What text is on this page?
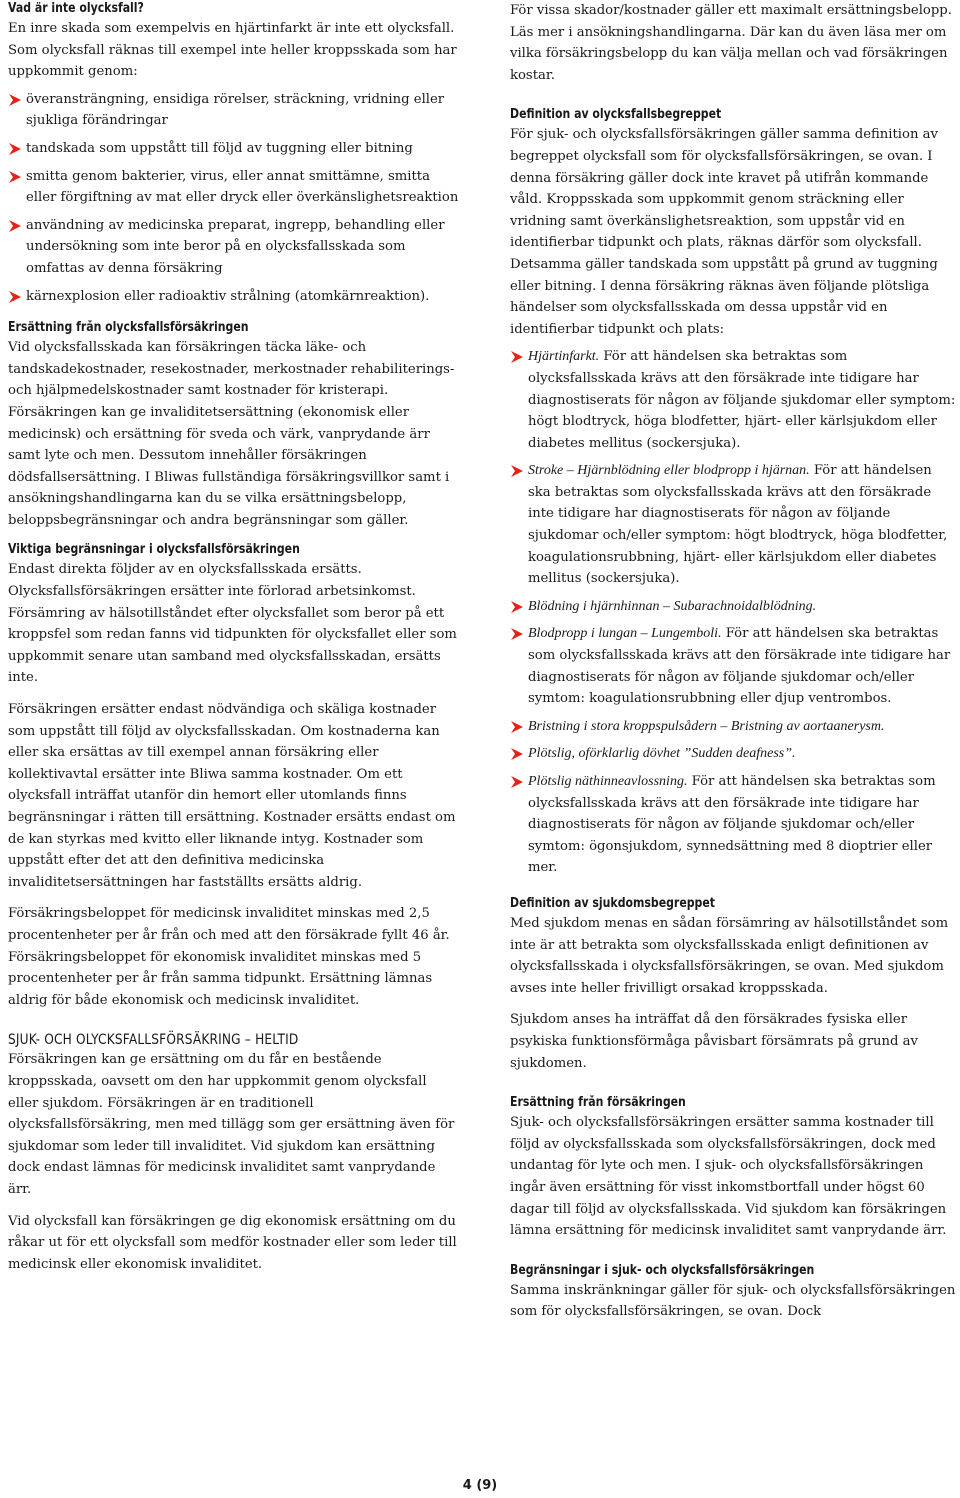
Vad är inte olycksfall?

En inre skada som exempelvis en hjärtinfarkt är inte ett olycksfall. Som olycksfall räknas till exempel inte heller kroppsskada som har uppkommit genom:

överansträngning, ensidiga rörelser, sträckning, vridning eller sjukliga förändringar
tandskada som uppstått till följd av tuggning eller bitning
smitta genom bakterier, virus, eller annat smittämne, smitta eller förgiftning av mat eller dryck eller överkänslighetsreaktion
användning av medicinska preparat, ingrepp, behandling eller undersökning som inte beror på en olycksfallsskada som omfattas av denna försäkring
kärnexplosion eller radioaktiv strålning (atomkärnreaktion).
Ersättning från olycksfallsförsäkringen

Vid olycksfallsskada kan försäkringen täcka läke- och tandskadekostnader, resekostnader, merkostnader rehabiliterings- och hjälpmedelskostnader samt kostnader för kristerapi. Försäkringen kan ge invaliditetsersättning (ekonomisk eller medicinsk) och ersättning för sveda och värk, vanprydande ärr samt lyte och men. Dessutom innehåller försäkringen dödsfallsersättning. I Bliwas fullständiga försäkringsvillkor samt i ansökningshandlingarna kan du se vilka ersättningsbelopp, beloppsbegränsningar och andra begränsningar som gäller.

Viktiga begränsningar i olycksfallsförsäkringen

Endast direkta följder av en olycksfallsskada ersätts. Olycksfallsförsäkringen ersätter inte förlorad arbetsinkomst. Försämring av hälsotillståndet efter olycksfallet som beror på ett kroppsfel som redan fanns vid tidpunkten för olycksfallet eller som uppkommit senare utan samband med olycksfallsskadan, ersätts inte.

Försäkringen ersätter endast nödvändiga och skäliga kostnader som uppstått till följd av olycksfallsskadan. Om kostnaderna kan eller ska ersättas av till exempel annan försäkring eller kollektivavtal ersätter inte Bliwa samma kostnader. Om ett olycksfall inträffat utanför din hemort eller utomlands finns begränsningar i rätten till ersättning. Kostnader ersätts endast om de kan styrkas med kvitto eller liknande intyg. Kostnader som uppstått efter det att den definitiva medicinska invaliditetsersättningen har fastställts ersätts aldrig.

Försäkringsbeloppet för medicinsk invaliditet minskas med 2,5 procentenheter per år från och med att den försäkrade fyllt 46 år. Försäkringsbeloppet för ekonomisk invaliditet minskas med 5 procentenheter per år från samma tidpunkt. Ersättning lämnas aldrig för både ekonomisk och medicinsk invaliditet.

SJUK- OCH OLYCKSFALLSFÖRSÄKRING – HELTID

Försäkringen kan ge ersättning om du får en bestående kroppsskada, oavsett om den har uppkommit genom olycksfall eller sjukdom. Försäkringen är en traditionell olycksfallsförsäkring, men med tillägg som ger ersättning även för sjukdomar som leder till invaliditet. Vid sjukdom kan ersättning dock endast lämnas för medicinsk invaliditet samt vanprydande ärr.

Vid olycksfall kan försäkringen ge dig ekonomisk ersättning om du råkar ut för ett olycksfall som medför kostnader eller som leder till medicinsk eller ekonomisk invaliditet.

För vissa skador/kostnader gäller ett maximalt ersättningsbelopp. Läs mer i ansökningshandlingarna. Där kan du även läsa mer om vilka försäkringsbelopp du kan välja mellan och vad försäkringen kostar.

Definition av olycksfallsbegreppet

För sjuk- och olycksfallsförsäkringen gäller samma definition av begreppet olycksfall som för olycksfallsförsäkringen, se ovan. I denna försäkring gäller dock inte kravet på utifrån kommande våld. Kroppsskada som uppkommit genom sträckning eller vridning samt överkänslighetsreaktion, som uppstår vid en identifierbar tidpunkt och plats, räknas därför som olycksfall. Detsamma gäller tandskada som uppstått på grund av tuggning eller bitning. I denna försäkring räknas även följande plötsliga händelser som olycksfallsskada om dessa uppstår vid en identifierbar tidpunkt och plats:

Hjärtinfarkt. För att händelsen ska betraktas som olycksfallsskada krävs att den försäkrade inte tidigare har diagnostiserats för någon av följande sjukdomar eller symptom: högt blodtryck, höga blodfetter, hjärt- eller kärlsjukdom eller diabetes mellitus (sockersjuka).
Stroke – Hjärnblödning eller blodpropp i hjärnan. För att händelsen ska betraktas som olycksfallsskada krävs att den försäkrade inte tidigare har diagnostiserats för någon av följande sjukdomar och/eller symptom: högt blodtryck, höga blodfetter, koagulationsrubbning, hjärt- eller kärlsjukdom eller diabetes mellitus (sockersjuka).
Blödning i hjärnhinnan – Subarachnoidalblödning.
Blodpropp i lungan – Lungemboli. För att händelsen ska betraktas som olycksfallsskada krävs att den försäkrade inte tidigare har diagnostiserats för någon av följande sjukdomar och/eller symtom: koagulationsrubbning eller djup ventrombos.
Bristning i stora kroppspulsådern – Bristning av aortaanerysm.
Plötslig, oförklarlig dövhet ”Sudden deafness”.
Plötslig näthinneavlossning. För att händelsen ska betraktas som olycksfallsskada krävs att den försäkrade inte tidigare har diagnostiserats för någon av följande sjukdomar och/eller symtom: ögonsjukdom, synnedsättning med 8 dioptrier eller mer.
Definition av sjukdomsbegreppet

Med sjukdom menas en sådan försämring av hälsotillståndet som inte är att betrakta som olycksfallsskada enligt definitionen av olycksfallsskada i olycksfallsförsäkringen, se ovan. Med sjukdom avses inte heller frivilligt orsakad kroppsskada.

Sjukdom anses ha inträffat då den försäkrades fysiska eller psykiska funktionsförmåga påvisbart försämrats på grund av sjukdomen.

Ersättning från försäkringen

Sjuk- och olycksfallsförsäkringen ersätter samma kostnader till följd av olycksfallsskada som olycksfallsförsäkringen, dock med undantag för lyte och men. I sjuk- och olycksfallsförsäkringen ingår även ersättning för visst inkomstbortfall under högst 60 dagar till följd av olycksfallsskada. Vid sjukdom kan försäkringen lämna ersättning för medicinsk invaliditet samt vanprydande ärr.

Begränsningar i sjuk- och olycksfallsförsäkringen

Samma inskränkningar gäller för sjuk- och olycksfallsförsäkringen som för olycksfallsförsäkringen, se ovan. Dock

4 (9)
